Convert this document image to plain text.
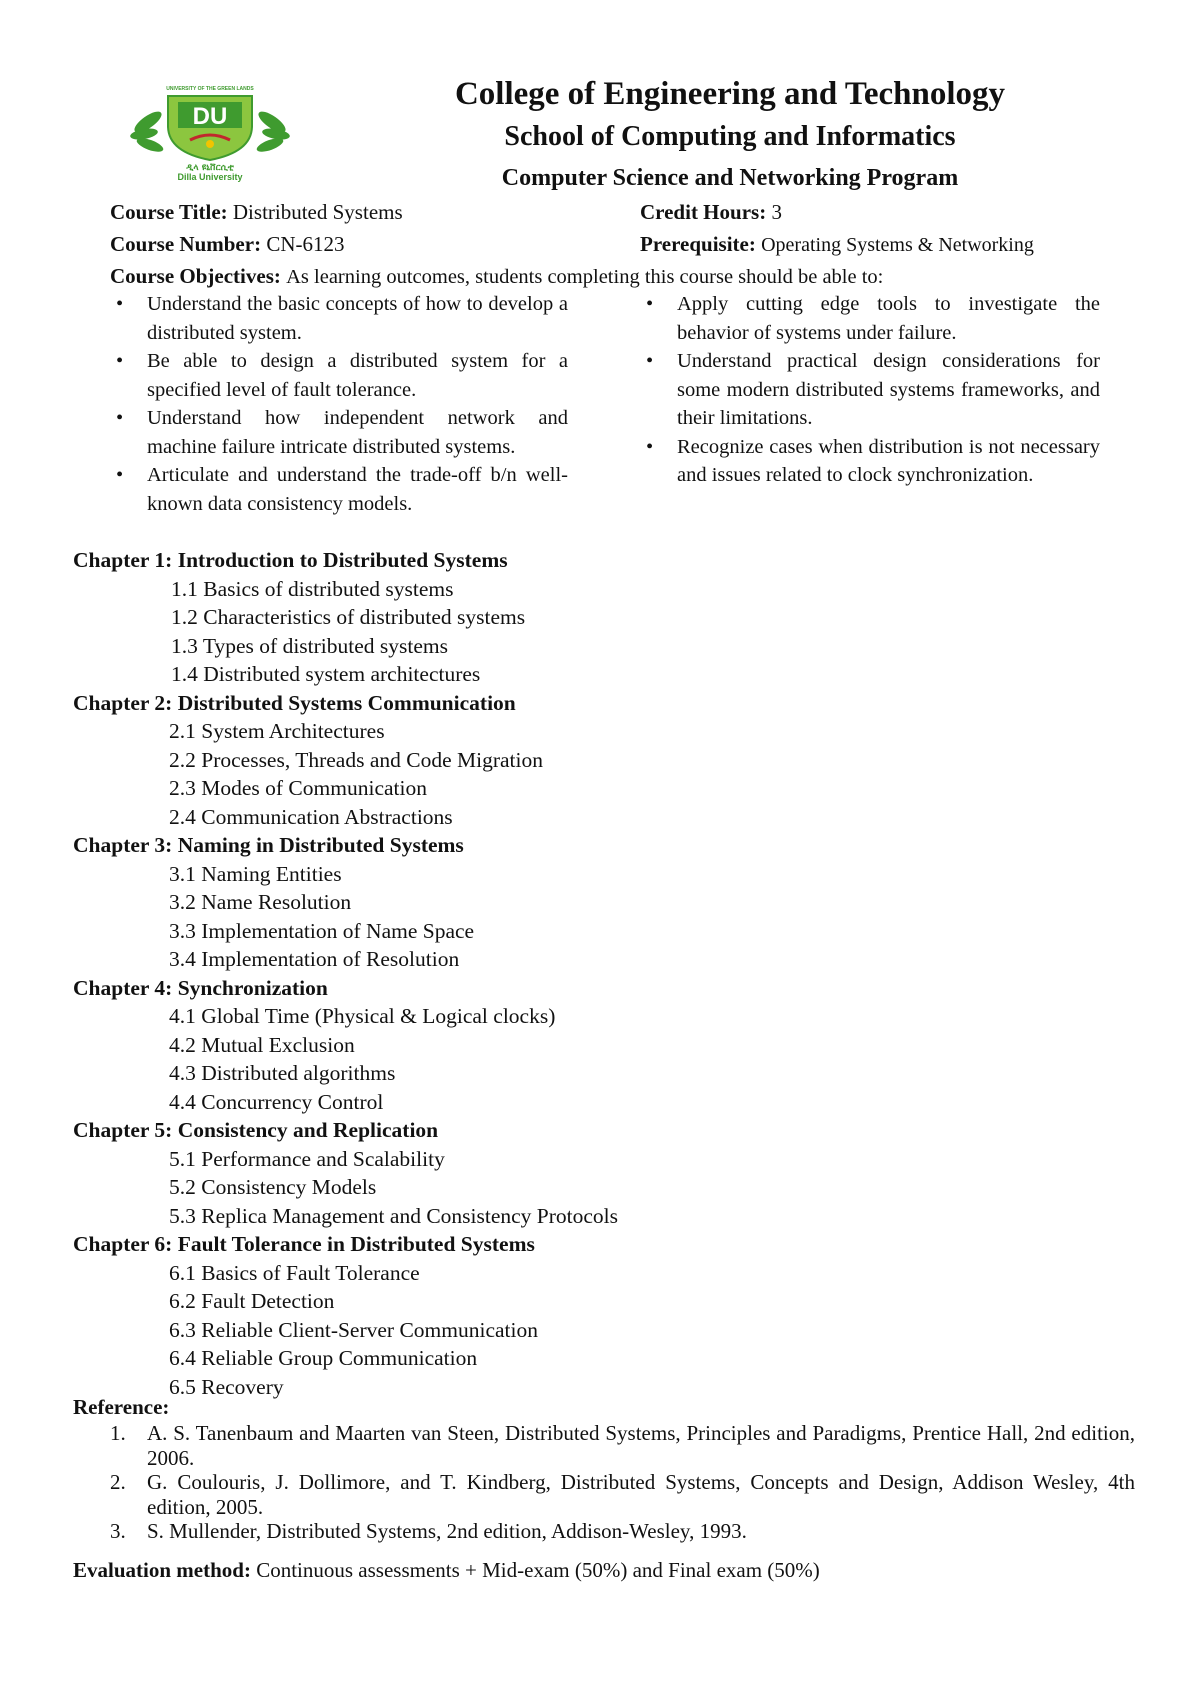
UNIVERSITY OF THE GREEN LANDS
DU
ዲላ ዩኒቨርሲቲ
Dilla University

College of Engineering and Technology

School of Computing and Informatics

Computer Science and Networking Program

Course Title: Distributed Systems	Credit Hours: 3
Course Number: CN-6123	Prerequisite: Operating Systems & Networking
Course Objectives: As learning outcomes, students completing this course should be able to:
• Understand the basic concepts of how to develop a distributed system.
• Be able to design a distributed system for a specified level of fault tolerance.
• Understand how independent network and machine failure intricate distributed systems.
• Articulate and understand the trade-off b/n well-known data consistency models.
• Apply cutting edge tools to investigate the behavior of systems under failure.
• Understand practical design considerations for some modern distributed systems frameworks, and their limitations.
• Recognize cases when distribution is not necessary and issues related to clock synchronization.

Chapter 1: Introduction to Distributed Systems

1.1 Basics of distributed systems

1.2 Characteristics of distributed systems

1.3 Types of distributed systems

1.4 Distributed system architectures

Chapter 2: Distributed Systems Communication

2.1 System Architectures

2.2 Processes, Threads and Code Migration

2.3 Modes of Communication

2.4 Communication Abstractions

Chapter 3: Naming in Distributed Systems

3.1 Naming Entities

3.2 Name Resolution

3.3 Implementation of Name Space

3.4 Implementation of Resolution

Chapter 4: Synchronization

4.1 Global Time (Physical & Logical clocks)

4.2 Mutual Exclusion

4.3 Distributed algorithms

4.4 Concurrency Control

Chapter 5: Consistency and Replication

5.1 Performance and Scalability

5.2 Consistency Models

5.3 Replica Management and Consistency Protocols

Chapter 6: Fault Tolerance in Distributed Systems

6.1 Basics of Fault Tolerance

6.2 Fault Detection

6.3 Reliable Client-Server Communication

6.4 Reliable Group Communication

6.5 Recovery

Reference:

1. A. S. Tanenbaum and Maarten van Steen, Distributed Systems, Principles and Paradigms, Prentice Hall, 2nd edition, 2006.
2. G. Coulouris, J. Dollimore, and T. Kindberg, Distributed Systems, Concepts and Design, Addison Wesley, 4th edition, 2005.
3. S. Mullender, Distributed Systems, 2nd edition, Addison-Wesley, 1993.
Evaluation method: Continuous assessments + Mid-exam (50%) and Final exam (50%)
